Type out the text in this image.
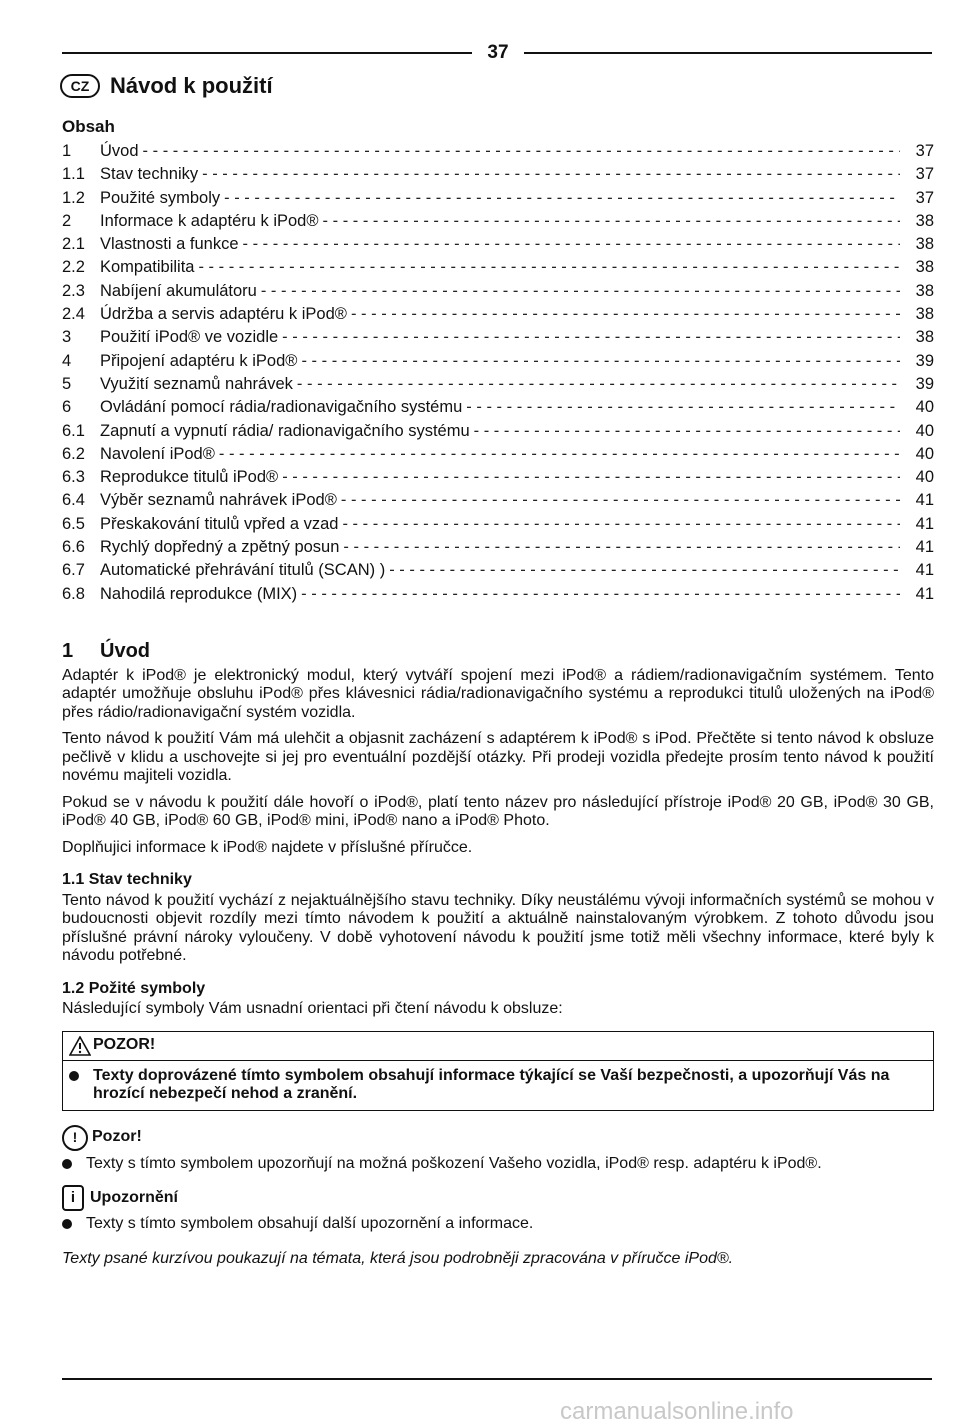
37
CZ Návod k použití
Obsah
1	Úvod - - -	37
1.1 Stav techniky - - -	37
1.2 Použité symboly - - -	37
2	Informace k adaptéru k iPod® - - -	38
2.1 Vlastnosti a funkce - - -	38
2.2 Kompatibilita - - -	38
2.3 Nabíjení akumulátoru - - -	38
2.4 Údržba a servis adaptéru k iPod® - - -	38
3	Použití iPod® ve vozidle - - -	38
4	Připojení adaptéru k iPod® - - -	39
5	Využití seznamů nahrávek - - -	39
6	Ovládání pomocí rádia/radionavigačního systému - - -	40
6.1 Zapnutí a vypnutí rádia/ radionavigačního systému - - -	40
6.2 Navolení iPod® - - -	40
6.3 Reprodukce titulů iPod® - - -	40
6.4 Výběr seznamů nahrávek iPod® - - -	41
6.5 Přeskakování titulů vpřed a vzad - - -	41
6.6 Rychlý dopředný a zpětný posun - - -	41
6.7 Automatické přehrávání titulů (SCAN) ) - - -	41
6.8 Nahodilá reprodukce (MIX) - - -	41
1	Úvod

Adaptér k iPod® je elektronický modul, který vytváří spojení mezi iPod® a rádiem/radionavigačním systémem. Tento adaptér umožňuje obsluhu iPod® přes klávesnici rádia/radionavigačního systému a reprodukci titulů uložených na iPod® přes rádio/radionavigační systém vozidla.

Tento návod k použití Vám má ulehčit a objasnit zacházení s adaptérem k iPod® s iPod. Přečtěte si tento návod k obsluze pečlivě v klidu a uschovejte si jej pro eventuální pozdější otázky. Při prodeji vozidla předejte prosím tento návod k použití novému majiteli vozidla.

Pokud se v návodu k použití dále hovoří o iPod®, platí tento název pro následující přístroje iPod® 20 GB, iPod® 30 GB, iPod® 40 GB, iPod® 60 GB, iPod® mini, iPod® nano a iPod® Photo.

Doplňujici informace k iPod® najdete v příslušné příručce.

1.1 Stav techniky

Tento návod k použití vychází z nejaktuálnějšího stavu techniky. Díky neustálému vývoji informačních systémů se mohou v budoucnosti objevit rozdíly mezi tímto návodem k použití a aktuálně nainstalovaným výrobkem. Z tohoto důvodu jsou příslušné právní nároky vyloučeny. V době vyhotovení návodu k použití jsme totiž měli všechny informace, které byly k návodu potřebné.

1.2 Požité symboly

Následující symboly Vám usnadní orientaci při čtení návodu k obsluze:

POZOR!
Texty doprovázené tímto symbolem obsahují informace týkající se Vaší bezpečnosti, a upozorňují Vás na hrozící nebezpečí nehod a zranění.
! Pozor!
Texty s tímto symbolem upozorňují na možná poškození Vašeho vozidla, iPod® resp. adaptéru k iPod®.
i Upozornění
Texty s tímto symbolem obsahují další upozornění a informace.
Texty psané kurzívou poukazují na témata, která jsou podrobněji zpracována v příručce iPod®.
carmanualsonline.info
